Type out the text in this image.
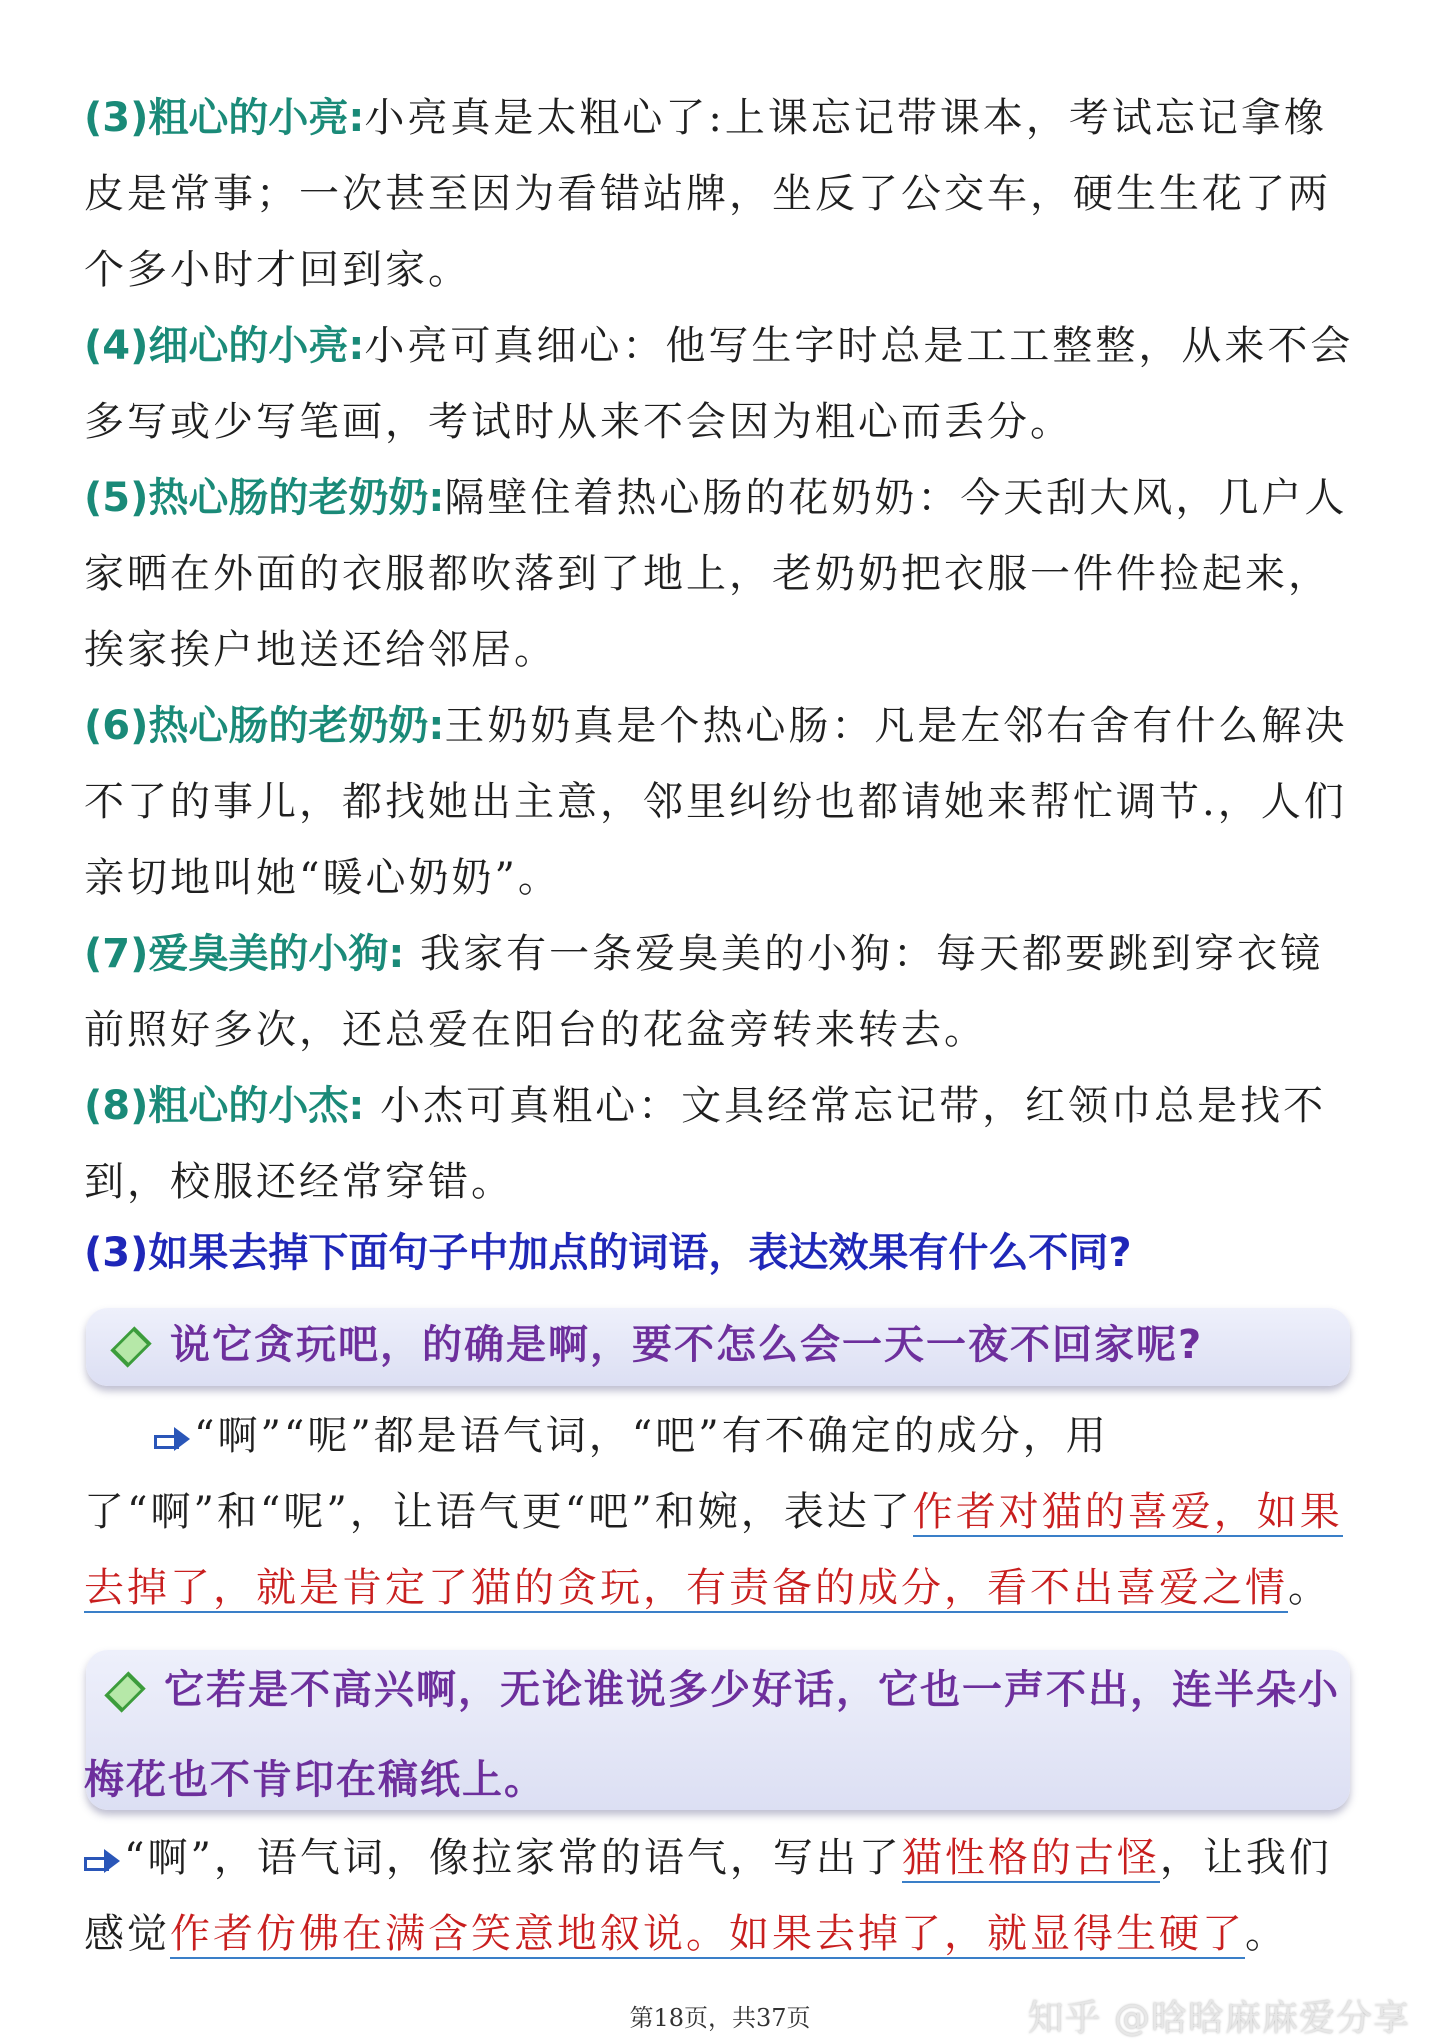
(3)粗心的小亮:小亮真是太粗心了:上课忘记带课本，考试忘记拿橡皮是常事；一次甚至因为看错站牌，坐反了公交车，硬生生花了两个多小时才回到家。

(4)细心的小亮:小亮可真细心：他写生字时总是工工整整，从来不会多写或少写笔画，考试时从来不会因为粗心而丢分。

(5)热心肠的老奶奶:隔壁住着热心肠的花奶奶：今天刮大风，几户人家晒在外面的衣服都吹落到了地上，老奶奶把衣服一件件捡起来，挨家挨户地送还给邻居。

(6)热心肠的老奶奶:王奶奶真是个热心肠：凡是左邻右舍有什么解决不了的事儿，都找她出主意，邻里纠纷也都请她来帮忙调节.，人们亲切地叫她“暖心奶奶”。

(7)爱臭美的小狗: 我家有一条爱臭美的小狗：每天都要跳到穿衣镜前照好多次，还总爱在阳台的花盆旁转来转去。

(8)粗心的小杰: 小杰可真粗心：文具经常忘记带，红领巾总是找不到，校服还经常穿错。

(3)如果去掉下面句子中加点的词语，表达效果有什么不同?

说它贪玩吧，的确是啊，要不怎么会一天一夜不回家呢?

“啊”“呢”都是语气词，“吧”有不确定的成分，用了“啊”和“呢”，让语气更“吧”和婉，表达了作者对猫的喜爱，如果去掉了，就是肯定了猫的贪玩，有责备的成分，看不出喜爱之情。

它若是不高兴啊，无论谁说多少好话，它也一声不出，连半朵小梅花也不肯印在稿纸上。

“啊”，语气词，像拉家常的语气，写出了猫性格的古怪，让我们感觉作者仿佛在满含笑意地叙说。如果去掉了，就显得生硬了。

第18页，共37页	知乎 @晗晗麻麻爱分享
